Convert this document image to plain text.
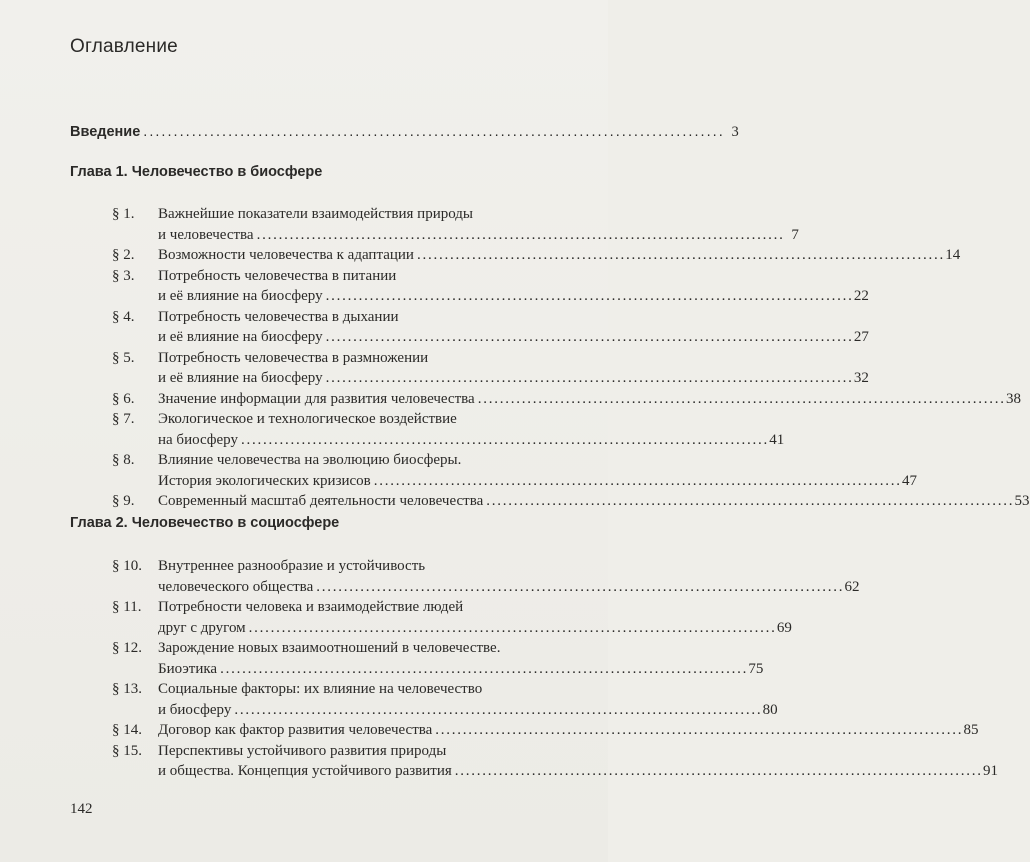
Оглавление
Введение . . .	3
Глава 1. Человечество в биосфере
§ 1.	Важнейшие показатели взаимодействия природы
и человечества . . .	7
§ 2.	Возможности человечества к адаптации . . .	14
§ 3.	Потребность человечества в питании
и её влияние на биосферу . . .	22
§ 4.	Потребность человечества в дыхании
и её влияние на биосферу . . .	27
§ 5.	Потребность человечества в размножении
и её влияние на биосферу . . .	32
§ 6.	Значение информации для развития человечества . . .	38
§ 7.	Экологическое и технологическое воздействие
на биосферу . . .	41
§ 8.	Влияние человечества на эволюцию биосферы.
История экологических кризисов . . .	47
§ 9.	Современный масштаб деятельности человечества . . .	53
Глава 2. Человечество в социосфере
§ 10.	Внутреннее разнообразие и устойчивость
человеческого общества . . .	62
§ 11.	Потребности человека и взаимодействие людей
друг с другом . . .	69
§ 12.	Зарождение новых взаимоотношений в человечестве.
Биоэтика . . .	75
§ 13.	Социальные факторы: их влияние на человечество
и биосферу . . .	80
§ 14.	Договор как фактор развития человечества . . .	85
§ 15.	Перспективы устойчивого развития природы
и общества. Концепция устойчивого развития . . .	91
142
